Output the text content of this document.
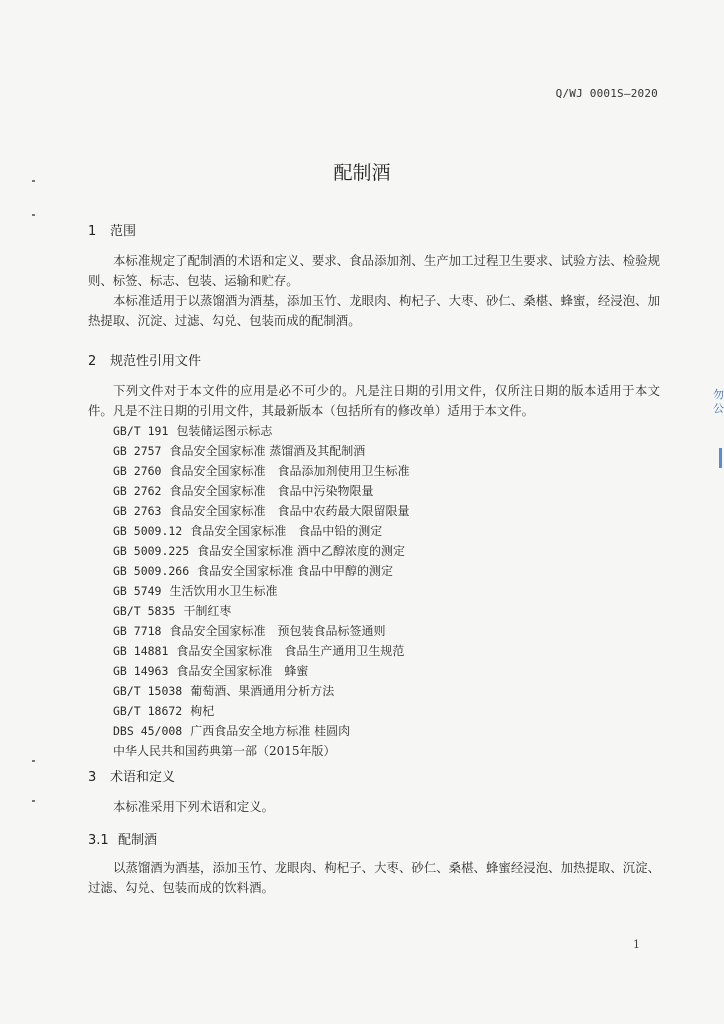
Q/WJ 0001S—2020
配制酒
1 范围
本标准规定了配制酒的术语和定义、要求、食品添加剂、生产加工过程卫生要求、试验方法、检验规则、标签、标志、包装、运输和贮存。
本标准适用于以蒸馏酒为酒基，添加玉竹、龙眼肉、枸杞子、大枣、砂仁、桑椹、蜂蜜，经浸泡、加热提取、沉淀、过滤、勾兑、包装而成的配制酒。
2 规范性引用文件
下列文件对于本文件的应用是必不可少的。凡是注日期的引用文件，仅所注日期的版本适用于本文件。凡是不注日期的引用文件，其最新版本（包括所有的修改单）适用于本文件。
GB/T 191 包装储运图示标志
GB 2757 食品安全国家标准 蒸馏酒及其配制酒
GB 2760 食品安全国家标准　食品添加剂使用卫生标准
GB 2762 食品安全国家标准　食品中污染物限量
GB 2763 食品安全国家标准　食品中农药最大限留限量
GB 5009.12 食品安全国家标准　食品中铅的测定
GB 5009.225 食品安全国家标准 酒中乙醇浓度的测定
GB 5009.266 食品安全国家标准 食品中甲醇的测定
GB 5749 生活饮用水卫生标准
GB/T 5835 干制红枣
GB 7718 食品安全国家标准　预包装食品标签通则
GB 14881 食品安全国家标准　食品生产通用卫生规范
GB 14963 食品安全国家标准　蜂蜜
GB/T 15038 葡萄酒、果酒通用分析方法
GB/T 18672 枸杞
DBS 45/008 广西食品安全地方标准 桂圆肉
中华人民共和国药典第一部（2015年版）
3 术语和定义
本标准采用下列术语和定义。
3.1 配制酒
以蒸馏酒为酒基，添加玉竹、龙眼肉、枸杞子、大枣、砂仁、桑椹、蜂蜜经浸泡、加热提取、沉淀、过滤、勾兑、包装而成的饮料酒。
1
勿公
